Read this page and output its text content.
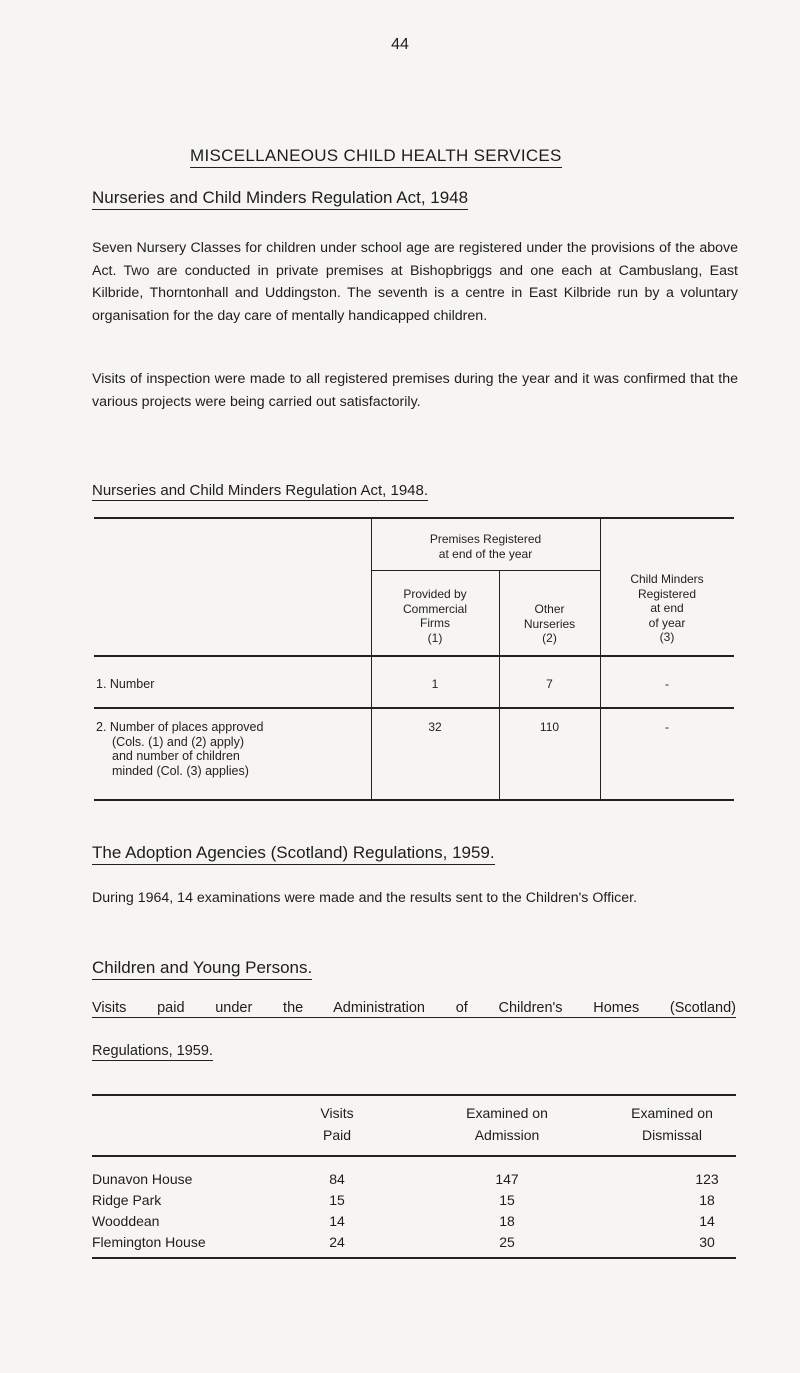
44
MISCELLANEOUS CHILD HEALTH SERVICES
Nurseries and Child Minders Regulation Act, 1948
Seven Nursery Classes for children under school age are registered under the provisions of the above Act. Two are conducted in private premises at Bishopbriggs and one each at Cambuslang, East Kilbride, Thorntonhall and Uddingston. The seventh is a centre in East Kilbride run by a voluntary organisation for the day care of mentally handicapped children.
Visits of inspection were made to all registered premises during the year and it was confirmed that the various projects were being carried out satisfactorily.
Nurseries and Child Minders Regulation Act, 1948.
Premises Registered
at end of the year
Provided by
Commercial
Firms
(1)
Other
Nurseries
(2)
Child Minders
Registered
at end
of year
(3)
1. Number	1	7	-
2. Number of places approved
(Cols. (1) and (2) apply)
and number of children
minded (Col. (3) applies)
32	110	-
The Adoption Agencies (Scotland) Regulations, 1959.
During 1964, 14 examinations were made and the results sent to the Children's Officer.
Children and Young Persons.
Visits paid under the Administration of Children's Homes (Scotland)
Regulations, 1959.
Visits
Paid
Examined on
Admission
Examined on
Dismissal
Dunavon House	84	147	123
Ridge Park	15	15	18
Wooddean	14	18	14
Flemington House	24	25	30
